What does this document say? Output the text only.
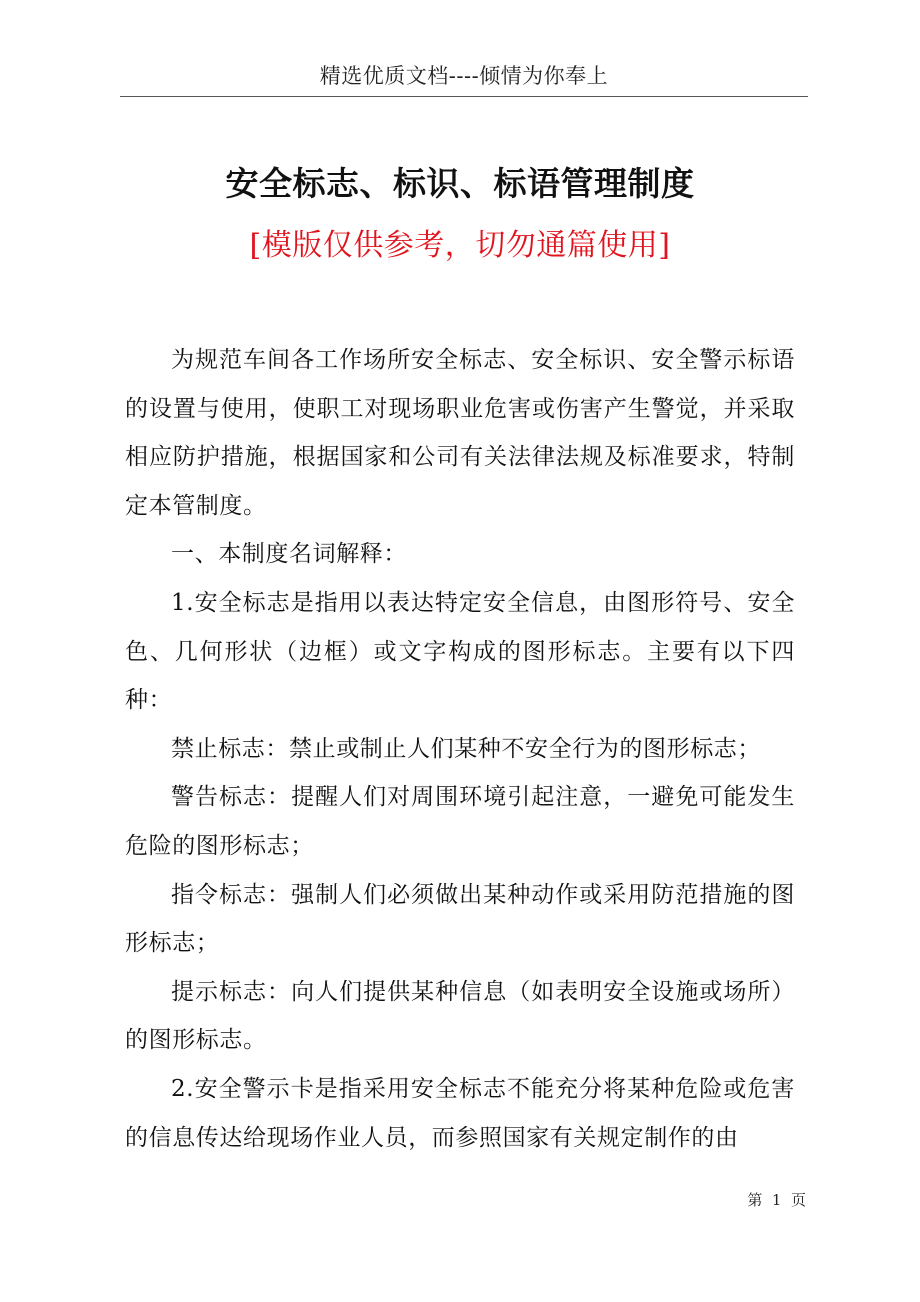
精选优质文档----倾情为你奉上
安全标志、标识、标语管理制度
[模版仅供参考，切勿通篇使用]

为规范车间各工作场所安全标志、安全标识、安全警示标语的设置与使用，使职工对现场职业危害或伤害产生警觉，并采取相应防护措施，根据国家和公司有关法律法规及标准要求，特制定本管制度。

一、本制度名词解释：

1.安全标志是指用以表达特定安全信息，由图形符号、安全色、几何形状（边框）或文字构成的图形标志。主要有以下四种：

禁止标志：禁止或制止人们某种不安全行为的图形标志；

警告标志：提醒人们对周围环境引起注意，一避免可能发生危险的图形标志；

指令标志：强制人们必须做出某种动作或采用防范措施的图形标志；

提示标志：向人们提供某种信息（如表明安全设施或场所）的图形标志。

2.安全警示卡是指采用安全标志不能充分将某种危险或危害的信息传达给现场作业人员，而参照国家有关规定制作的由

第  1  页
